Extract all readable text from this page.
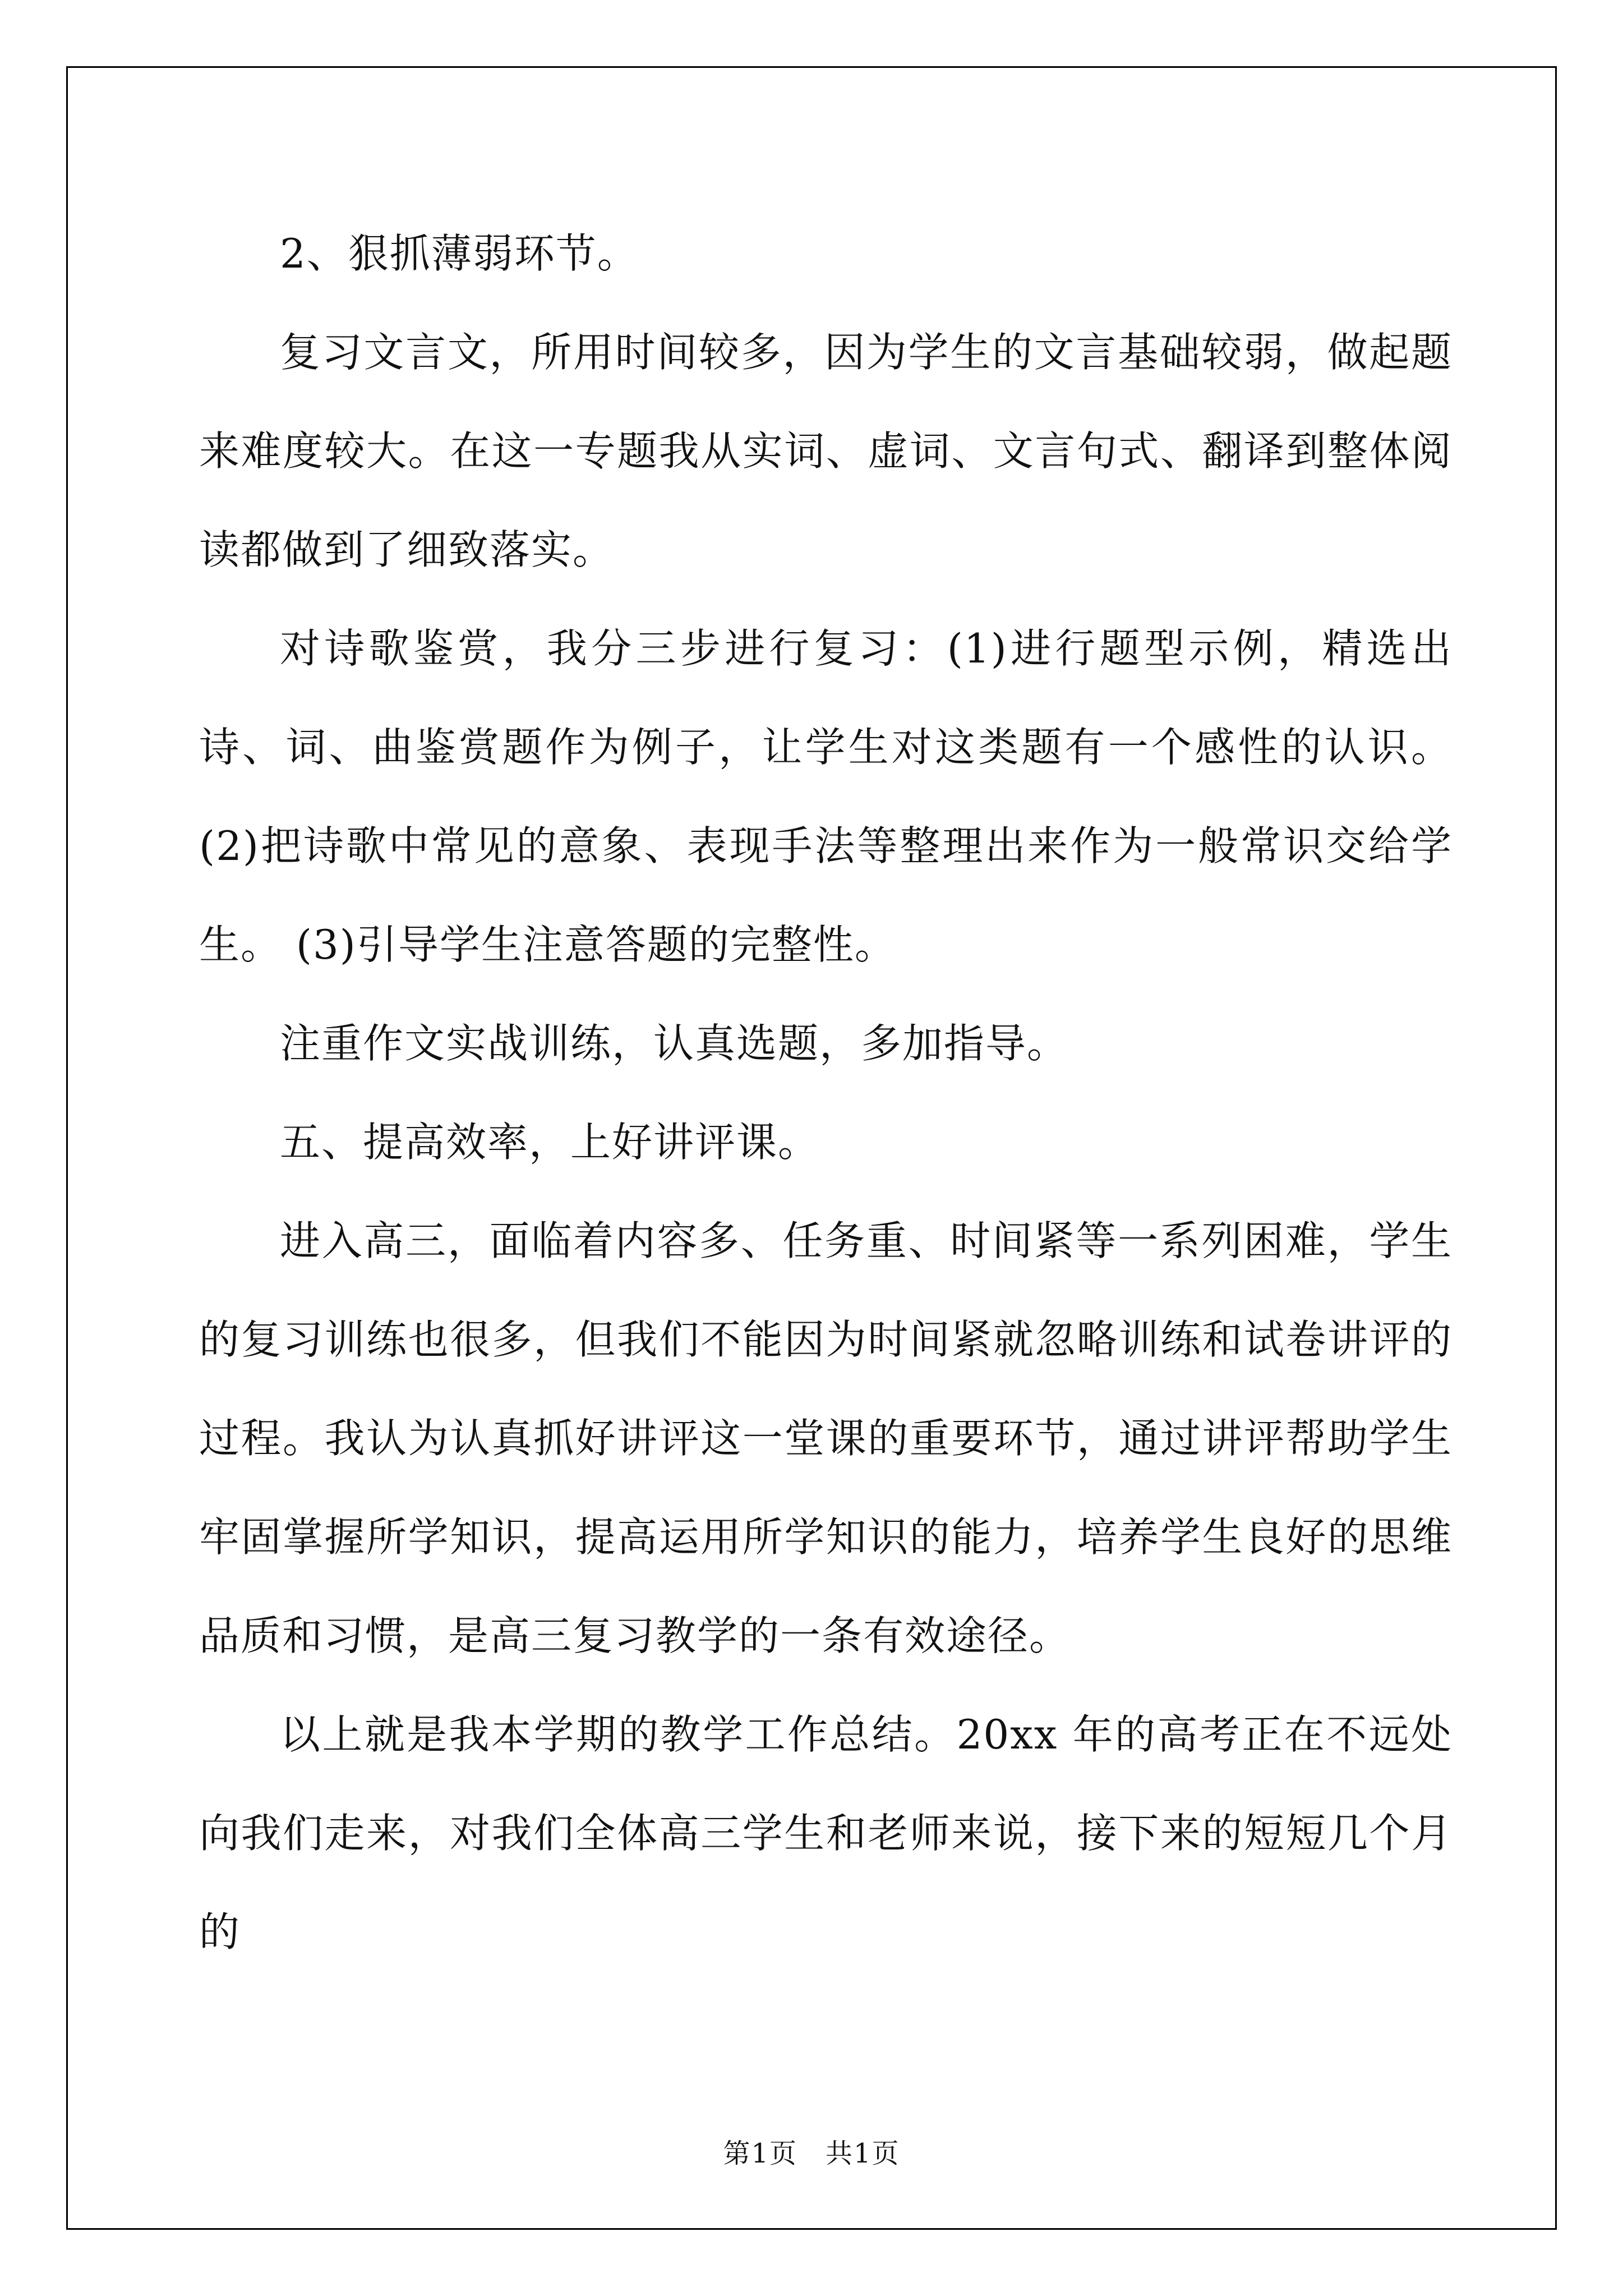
2、狠抓薄弱环节。

复习文言文，所用时间较多，因为学生的文言基础较弱，做起题来难度较大。在这一专题我从实词、虚词、文言句式、翻译到整体阅读都做到了细致落实。

对诗歌鉴赏，我分三步进行复习：(1)进行题型示例，精选出诗、词、曲鉴赏题作为例子，让学生对这类题有一个感性的认识。(2)把诗歌中常见的意象、表现手法等整理出来作为一般常识交给学生。 (3)引导学生注意答题的完整性。

注重作文实战训练，认真选题，多加指导。

五、提高效率，上好讲评课。

进入高三，面临着内容多、任务重、时间紧等一系列困难，学生的复习训练也很多，但我们不能因为时间紧就忽略训练和试卷讲评的过程。我认为认真抓好讲评这一堂课的重要环节，通过讲评帮助学生牢固掌握所学知识，提高运用所学知识的能力，培养学生良好的思维品质和习惯，是高三复习教学的一条有效途径。

以上就是我本学期的教学工作总结。20xx 年的高考正在不远处向我们走来，对我们全体高三学生和老师来说，接下来的短短几个月的

第1页　共1页
